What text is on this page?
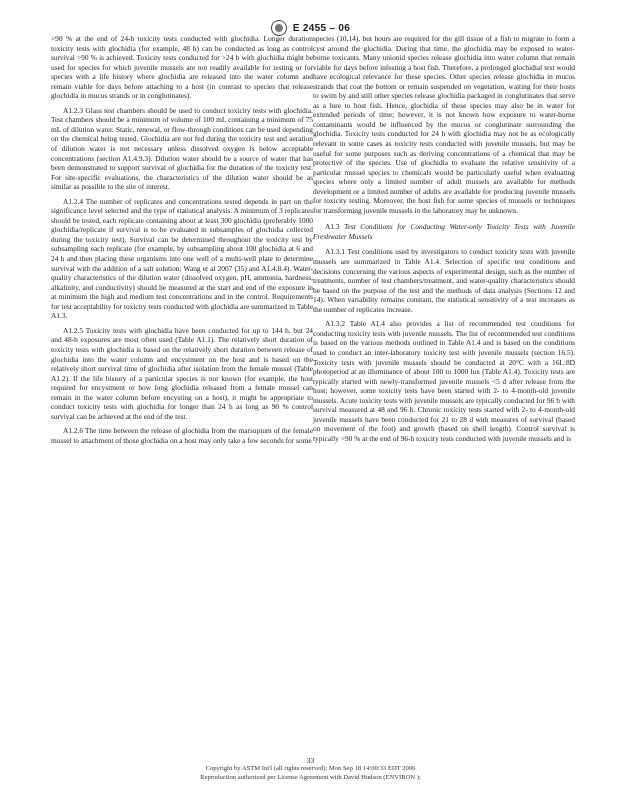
E 2455 – 06

>90 % at the end of 24-h toxicity tests conducted with glochidia. Longer duration toxicity tests with glochidia (for example, 48 h) can be conducted as long as control survival >90 % is achieved. Toxicity tests conducted for >24 h with glochidia might be used for species for which juvenile mussels are not readily available for testing or for species with a life history where glochidia are released into the water column and remain viable for days before attaching to a host (in contrast to species that release glochidia in mucus strands or in conglutinates).

A1.2.3 Glass test chambers should be used to conduct toxicity tests with glochidia. Test chambers should be a minimum of volume of 100 mL containing a minimum of 75 mL of dilution water. Static, renewal, or flow-through conditions can be used depending on the chemical being tested. Glochidia are not fed during the toxicity test and aeration of dilution water is not necessary unless dissolved oxygen is below acceptable concentrations (section A1.4.9.3). Dilution water should be a source of water that has been demonstrated to support survival of glochidia for the duration of the toxicity test. For site-specific evaluations, the characteristics of the dilution water should be as similar as possible to the site of interest.

A1.2.4 The number of replicates and concentrations tested depends in part on the significance level selected and the type of statistical analysis. A minimum of 3 replicates should be tested, each replicate containing about at least 300 glochidia (preferably 1000 glochidia/replicate if survival is to be evaluated in subsamples of glochidia collected during the toxicity test). Survival can be determined throughout the toxicity test by subsampling each replicate (for example, by subsampling about 100 glochidia at 6 and 24 h and then placing these organisms into one well of a multi-well plate to determine survival with the addition of a salt solution; Wang et al 2007 (35) and A1.4.8.4). Water-quality characteristics of the dilution water (dissolved oxygen, pH, ammonia, hardness, alkalinity, and conductivity) should be measured at the start and end of the exposure in at minimum the high and medium test concentrations and in the control. Requirements for test acceptability for toxicity tests conducted with glochidia are summarized in Table A1.3.

A1.2.5 Toxicity tests with glochidia have been conducted for up to 144 h, but 24 and 48-h exposures are most often used (Table A1.1). The relatively short duration of toxicity tests with glochidia is based on the relatively short duration between release of glochidia into the water column and encystment on the host and is based on the relatively short survival time of glochidia after isolation from the female mussel (Table A1.2). If the life history of a particular species is not known (for example, the host required for encystment or how long glochidia released from a female mussel can remain in the water column before encysting on a host), it might be appropriate to conduct toxicity tests with glochidia for longer than 24 h as long as 90 % control survival can be achieved at the end of the test.

A1.2.6 The time between the release of glochidia from the marsupium of the female mussel to attachment of those glochidia on a host may only take a few seconds for some

species (10,14), but hours are required for the gill tissue of a fish to migrate to form a cyst around the glochidia. During that time, the glochidia may be exposed to water-borne toxicants. Many unionid species release glochidia into water column that remain viable for days before infesting a host fish. Therefore, a prolonged glochidial test would have ecological relevance for these species. Other species release glochidia in mucus strands that coat the bottom or remain suspended on vegetation, waiting for their hosts to swim by and still other species release glochidia packaged in conglutinates that serve as a lure to host fish. Hence, glochidia of these species may also be in water for extended periods of time; however, it is not known how exposure to water-borne contaminants would be influenced by the mucus or conglutinate surrounding the glochidia. Toxicity tests conducted for 24 h with glochidia may not be as ecologically relevant in some cases as toxicity tests conducted with juvenile mussels, but may be useful for some purposes such as deriving concentrations of a chemical that may be protective of the species. Use of glochidia to evaluate the relative sensitivity of a particular mussel species to chemicals would be particularly useful when evaluating species where only a limited number of adult mussels are available for methods development or a limited number of adults are available for producing juvenile mussels for toxicity testing. Moreover, the host fish for some species of mussels or techniques for transforming juvenile mussels in the laboratory may be unknown.

A1.3 Test Conditions for Conducting Water-only Toxicity Tests with Juvenile Freshwater Mussels

A1.3.1 Test conditions used by investigators to conduct toxicity tests with juvenile mussels are summarized in Table A1.4. Selection of specific test conditions and decisions concerning the various aspects of experimental design, such as the number of treatments, number of test chambers/treatment, and water-quality characteristics should be based on the purpose of the test and the methods of data analysis (Sections 12 and 14). When variability remains constant, the statistical sensitivity of a test increases as the number of replicates increase.

A1.3.2 Table A1.4 also provides a list of recommended test conditions for conducting toxicity tests with juvenile mussels. The list of recommended test conditions is based on the various methods outlined in Table A1.4 and is based on the conditions used to conduct an inter-laboratory toxicity test with juvenile mussels (section 16.5). Toxicity tests with juvenile mussels should be conducted at 20°C with a 16L:8D photoperiod at an illuminance of about 100 to 1000 lux (Table A1.4). Toxicity tests are typically started with newly-transformed juvenile mussels <5 d after release from the host; however, some toxicity tests have been started with 2- to 4-month-old juvenile mussels. Acute toxicity tests with juvenile mussels are typically conducted for 96 h with survival measured at 48 and 96 h. Chronic toxicity tests started with 2- to 4-month-old juvenile mussels have been conducted for 21 to 28 d with measures of survival (based on movement of the foot) and growth (based on shell length). Control survival is typically >90 % at the end of 96-h toxicity tests conducted with juvenile mussels and is

33
Copyright by ASTM Int'l (all rights reserved); Mon Sep 18 14:00:33 EDT 2006
Reproduction authorized per License Agreement with David Hudson (ENVIRON );
